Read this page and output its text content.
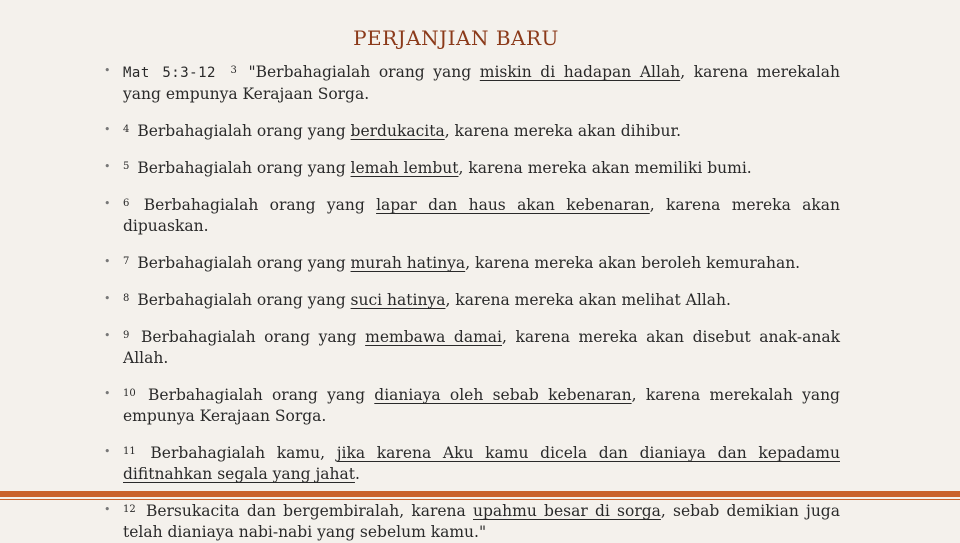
PERJANJIAN BARU
• Mat 5:3-12 $^3$ "Berbahagialah orang yang miskin di hadapan Allah, karena merekalah yang empunya Kerajaan Sorga.
• $^4$ Berbahagialah orang yang berdukacita, karena mereka akan dihibur.
• $^5$ Berbahagialah orang yang lemah lembut, karena mereka akan memiliki bumi.
• $^6$ Berbahagialah orang yang lapar dan haus akan kebenaran, karena mereka akan dipuaskan.
• $^7$ Berbahagialah orang yang murah hatinya, karena mereka akan beroleh kemurahan.
• $^8$ Berbahagialah orang yang suci hatinya, karena mereka akan melihat Allah.
• $^9$ Berbahagialah orang yang membawa damai, karena mereka akan disebut anak-anak Allah.
• $^{10}$ Berbahagialah orang yang dianiaya oleh sebab kebenaran, karena merekalah yang empunya Kerajaan Sorga.
• $^{11}$ Berbahagialah kamu, jika karena Aku kamu dicela dan dianiaya dan kepadamu difitnahkan segala yang jahat.
• $^{12}$ Bersukacita dan bergembiralah, karena upahmu besar di sorga, sebab demikian juga telah dianiaya nabi-nabi yang sebelum kamu."
